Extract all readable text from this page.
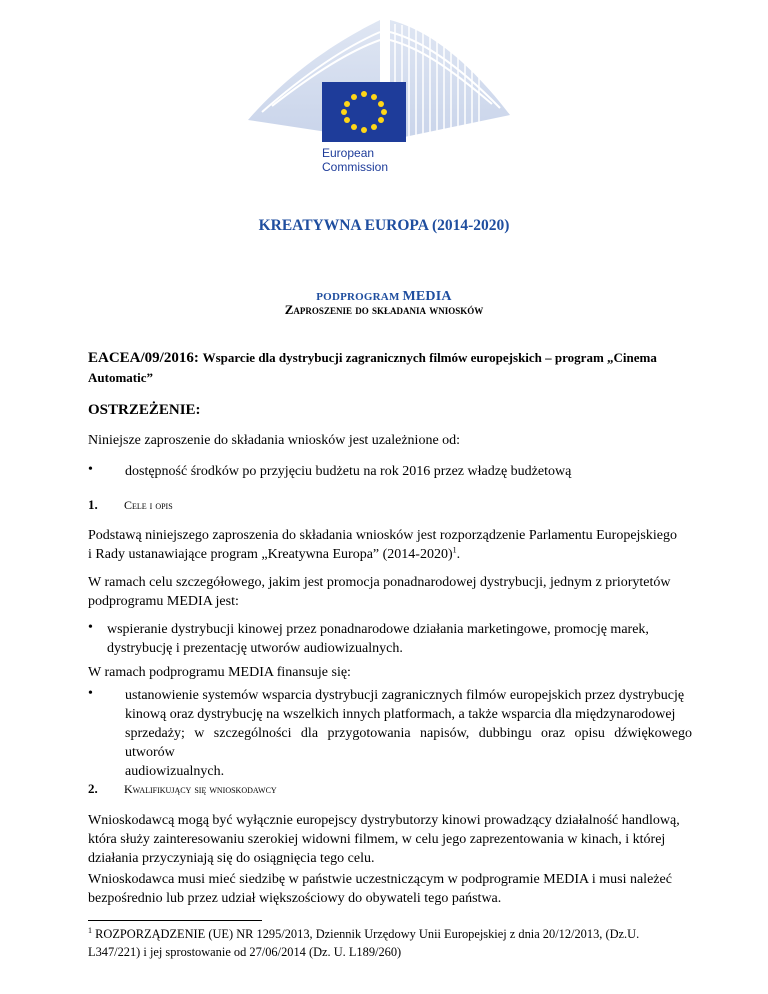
European
Commission
KREATYWNA EUROPA (2014-2020)
PODPROGRAM MEDIA
Zaproszenie do składania wniosków
EACEA/09/2016: Wsparcie dla dystrybucji zagranicznych filmów europejskich – program „Cinema
Automatic”
OSTRZEŻENIE:
Niniejsze zaproszenie do składania wniosków jest uzależnione od:
• dostępność środków po przyjęciu budżetu na rok 2016 przez władzę budżetową
1. Cele i opis
Podstawą niniejszego zaproszenia do składania wniosków jest rozporządzenie Parlamentu Europejskiego
i Rady ustanawiające program „Kreatywna Europa” (2014-2020)$^1$.
W ramach celu szczegółowego, jakim jest promocja ponadnarodowej dystrybucji, jednym z priorytetów
podprogramu MEDIA jest:
• wspieranie dystrybucji kinowej przez ponadnarodowe działania marketingowe, promocję marek,
dystrybucję i prezentację utworów audiowizualnych.
W ramach podprogramu MEDIA finansuje się:
• ustanowienie systemów wsparcia dystrybucji zagranicznych filmów europejskich przez dystrybucję
kinową oraz dystrybucję na wszelkich innych platformach, a także wsparcia dla międzynarodowej
sprzedaży; w szczególności dla przygotowania napisów, dubbingu oraz opisu dźwiękowego utworów
audiowizualnych.
2. Kwalifikujący się wnioskodawcy
Wnioskodawcą mogą być wyłącznie europejscy dystrybutorzy kinowi prowadzący działalność handlową,
która służy zainteresowaniu szerokiej widowni filmem, w celu jego zaprezentowania w kinach, i której
działania przyczyniają się do osiągnięcia tego celu.
Wnioskodawca musi mieć siedzibę w państwie uczestniczącym w podprogramie MEDIA i musi należeć
bezpośrednio lub przez udział większościowy do obywateli tego państwa.
$^1$ ROZPORZĄDZENIE (UE) NR 1295/2013, Dziennik Urzędowy Unii Europejskiej z dnia 20/12/2013, (Dz.U.
L347/221) i jej sprostowanie od 27/06/2014 (Dz. U. L189/260)
